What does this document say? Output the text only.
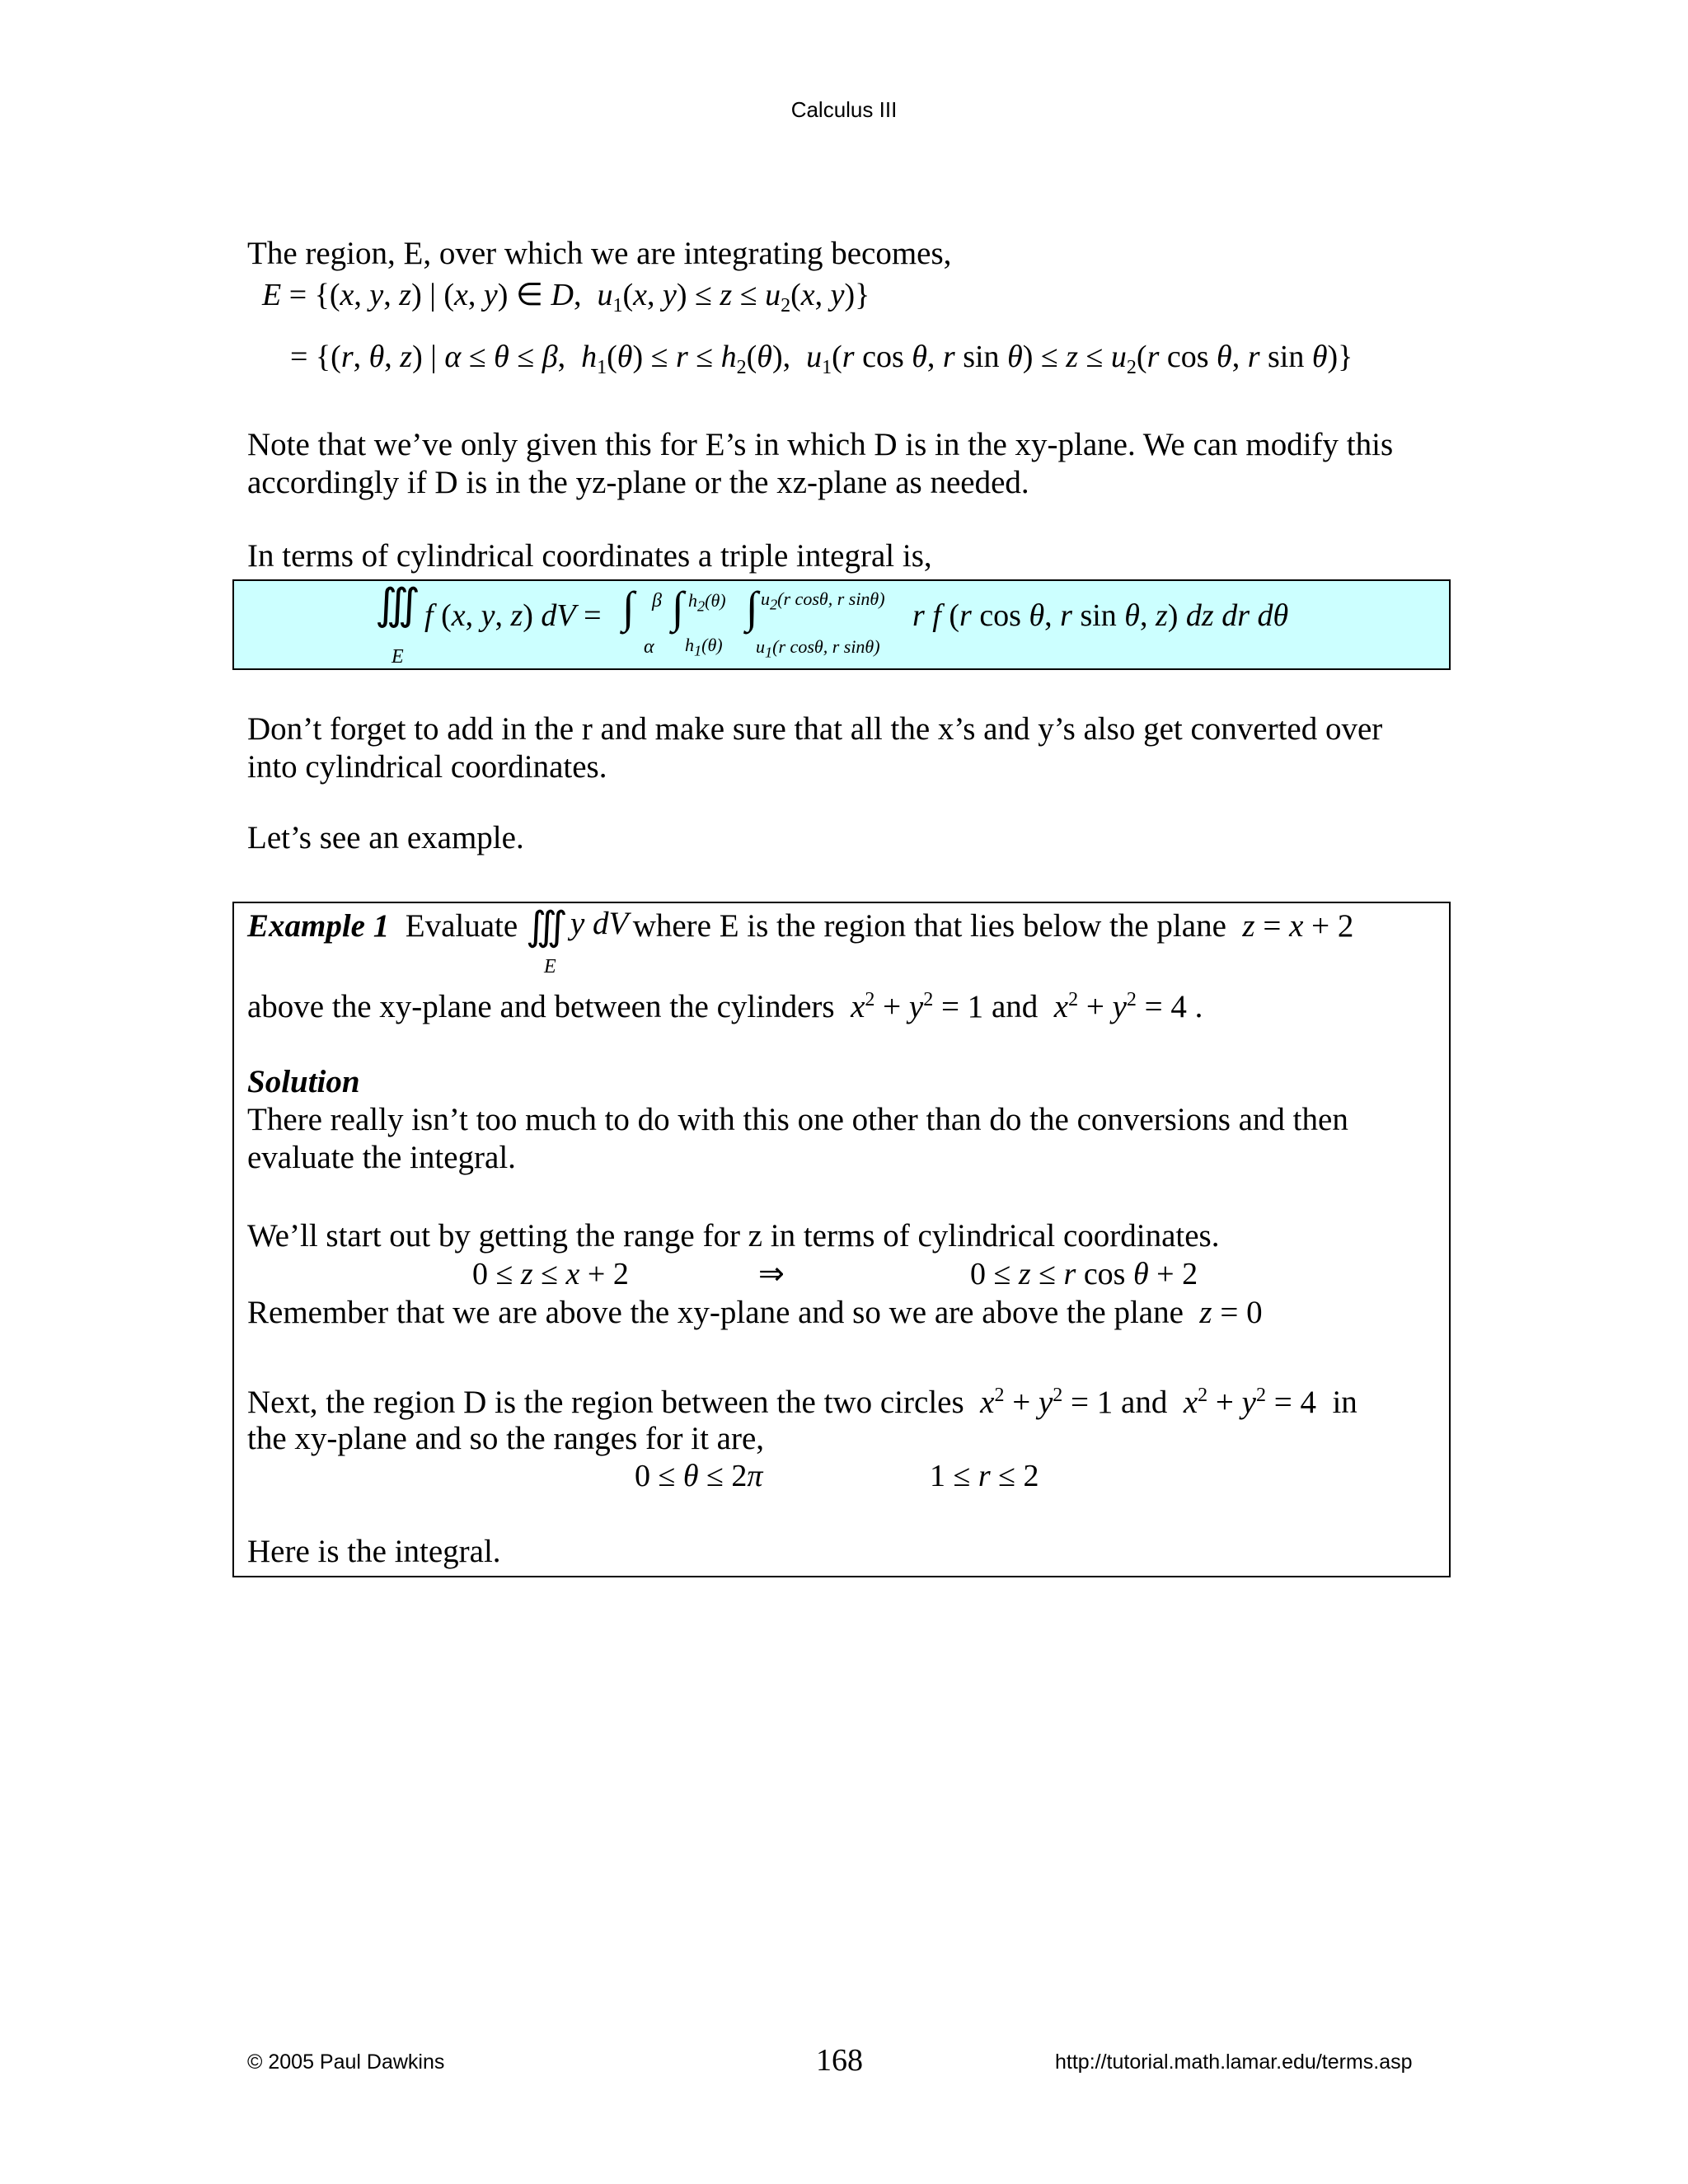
Calculus III
The region, E, over which we are integrating becomes,
E = {(x, y, z) | (x, y) ∈ D,  $u_1(x$, $y) \le z \le u_2(x$, y)}
= {(r, θ, z) | α ≤ θ ≤ β,  $h_1(\theta) \le r \le h_2(\theta)$,  $u_1(r$ cos θ, r $\sin \theta) \le z \le u_2(r$ cos θ, r sin θ)}
Note that we’ve only given this for E’s in which D is in the xy-plane. We can modify this
accordingly if D is in the yz-plane or the xz-plane as needed.
In terms of cylindrical coordinates a triple integral is,
∭
E
f (x, y, z) dV = ∫ β
α
∫ $h_2(\theta)$
$h_1(\theta)$
∫ $u_2(r$ cosθ, r sinθ)
$u_1(r$ cosθ, r sinθ)
r f (r cos θ, r sin θ, z) dz dr dθ
Don’t forget to add in the r and make sure that all the x’s and y’s also get converted over
into cylindrical coordinates.
Let’s see an example.
Example 1 Evaluate ∭
E
y dV where E is the region that lies below the plane z = x + 2
above the xy-plane and between the cylinders $x^2 + y^2 = 1$ and $x^2 + y^2 = 4$ .
Solution
There really isn’t too much to do with this one other than do the conversions and then
evaluate the integral.
We’ll start out by getting the range for z in terms of cylindrical coordinates.
0 ≤ z ≤ x + 2	⇒	0 ≤ z ≤ r cos θ + 2
Remember that we are above the xy-plane and so we are above the plane z = 0
Next, the region D is the region between the two circles $x^2 + y^2 = 1$ and $x^2 + y^2 = 4$ in
the xy-plane and so the ranges for it are,
0 ≤ θ ≤ 2π	1 ≤ r ≤ 2
Here is the integral.
© 2005 Paul Dawkins	168	http://tutorial.math.lamar.edu/terms.asp
